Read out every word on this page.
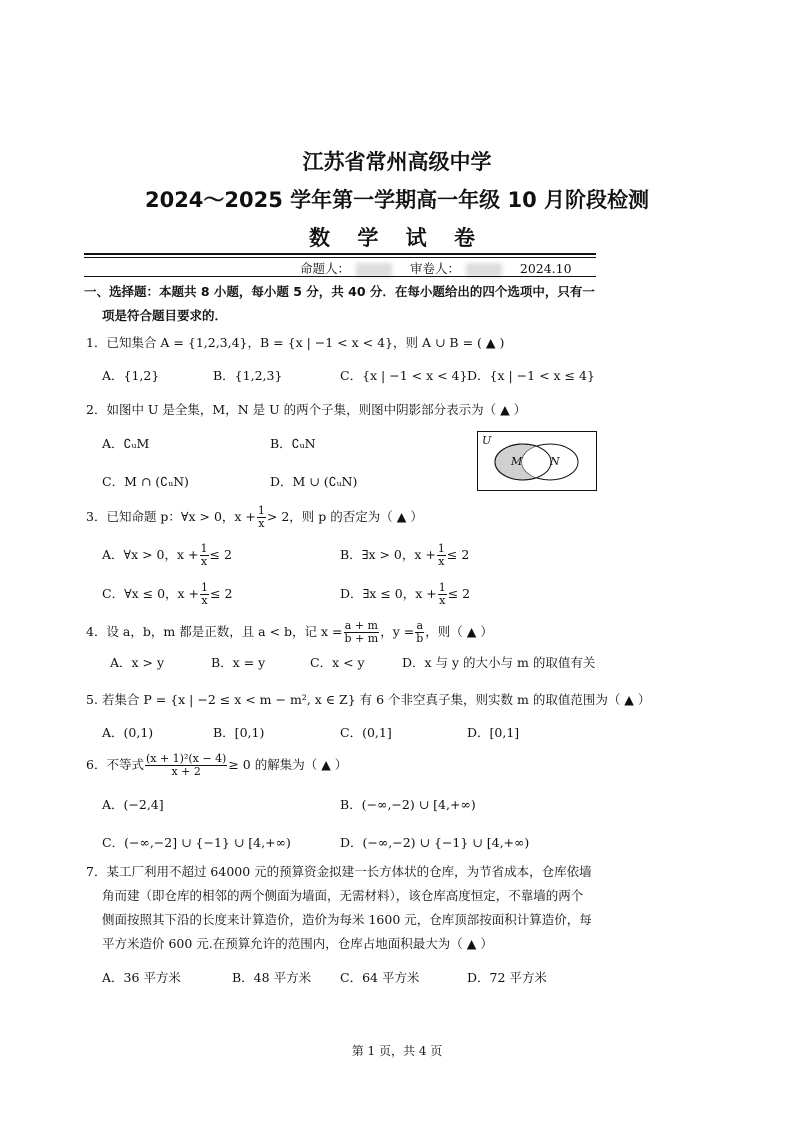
江苏省常州高级中学
2024～2025 学年第一学期高一年级 10 月阶段检测
数 学 试 卷
命题人：	审卷人：	2024.10
一、选择题：本题共 8 小题，每小题 5 分，共 40 分．在每小题给出的四个选项中，只有一
项是符合题目要求的．
1．已知集合 A = {1,2,3,4}，B = {x | −1 < x < 4}，则 A ∪ B = ( ▲ )
A．{1,2}	B．{1,2,3}	C．{x | −1 < x < 4} D．{x | −1 < x ≤ 4}
2．如图中 U 是全集，M，N 是 U 的两个子集，则图中阴影部分表示为（ ▲ ）
A．∁ᵤM	B．∁ᵤN
C．M ∩ (∁ᵤN)	D．M ∪ (∁ᵤN)
U
M	N
3．已知命题 p：∀x > 0，$x + \frac{1}{x} > 2$，则 p 的否定为（ ▲ ）
A．∀x > 0，$x + \frac{1}{x} \le 2$	B．∃x > 0，$x + \frac{1}{x} \le 2$
C．∀x ≤ 0，$x + \frac{1}{x} \le 2$	D．∃x ≤ 0，$x + \frac{1}{x} \le 2$
4．设 a，b，m 都是正数，且 a < b，记 $x = \frac{a + m}{b + m}$ ，$y = \frac{a}{b}$ ，则（ ▲ ）
A．x > y	B．x = y	C．x < y	D．x 与 y 的大小与 m 的取值有关
5. 若集合 P = {x | −2 ≤ x < m − m², x ∈ Z} 有 6 个非空真子集，则实数 m 的取值范围为（ ▲ ）
A．(0,1)	B．[0,1)	C．(0,1]	D．[0,1]
6．不等式 $\frac{\text{(x + 1)²(x − 4)}}{x + 2} \ge 0$ 的解集为（ ▲ ）
A．(−2,4]	B．(−∞,−2) ∪ [4,+∞)
C．(−∞,−2] ∪ {−1} ∪ [4,+∞)	D．(−∞,−2) ∪ {−1} ∪ [4,+∞)
7．某工厂利用不超过 64000 元的预算资金拟建一长方体状的仓库，为节省成本，仓库依墙
角而建（即仓库的相邻的两个侧面为墙面，无需材料），该仓库高度恒定，不靠墙的两个
侧面按照其下沿的长度来计算造价，造价为每米 1600 元，仓库顶部按面积计算造价，每
平方米造价 600 元.在预算允许的范围内，仓库占地面积最大为（ ▲ ）
A．36 平方米	B．48 平方米 C．64 平方米	D．72 平方米
第 1 页，共 4 页
